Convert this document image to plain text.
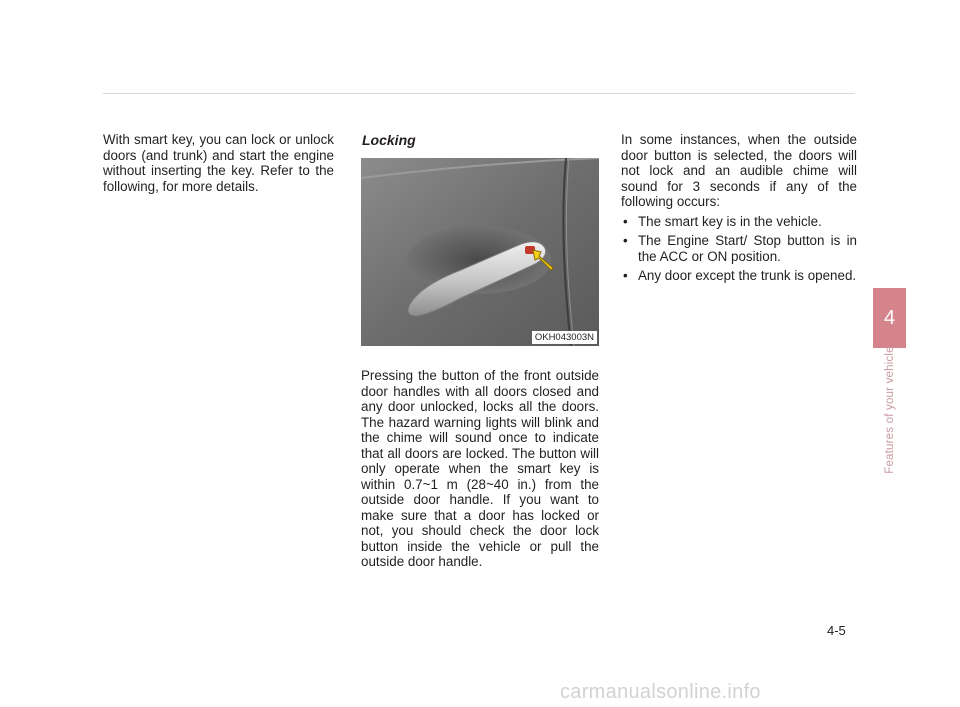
With smart key, you can lock or unlock doors (and trunk) and start the engine without inserting the key. Refer to the following, for more details.

Locking
OKH043003N

Pressing the button of the front outside door handles with all doors closed and any door unlocked, locks all the doors. The hazard warning lights will blink and the chime will sound once to indicate that all doors are locked. The button will only operate when the smart key is within 0.7~1 m (28~40 in.) from the outside door handle. If you want to make sure that a door has locked or not, you should check the door lock button inside the vehicle or pull the outside door handle.

In some instances, when the outside door button is selected, the doors will not lock and an audible chime will sound for 3 seconds if any of the following occurs:

• The smart key is in the vehicle.
• The Engine Start/ Stop button is in the ACC or ON position.
• Any door except the trunk is opened.
4
Features of your vehicle
4-5
carmanualsonline.info
